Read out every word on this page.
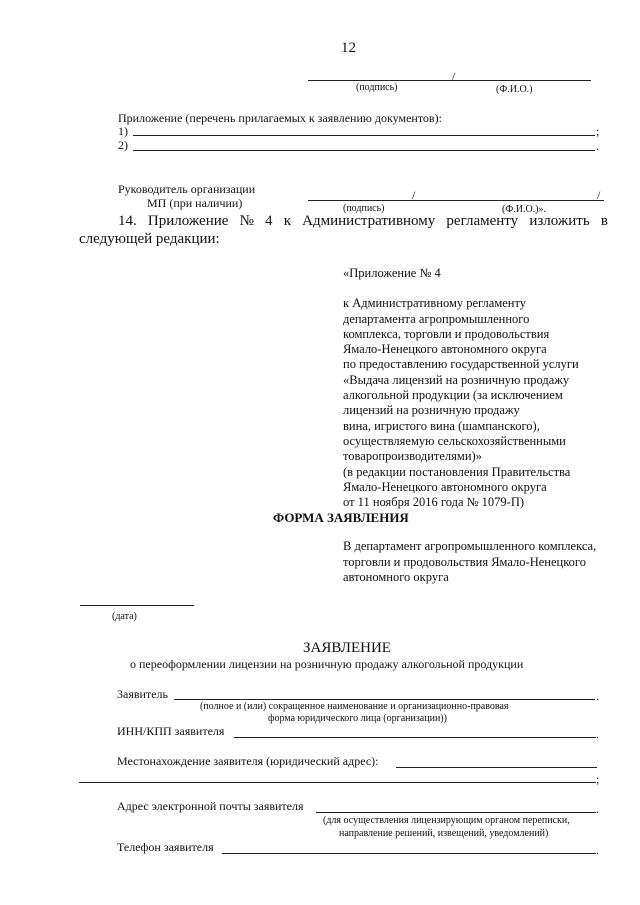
12
/
(подпись)	(Ф.И.О.)
Приложение (перечень прилагаемых к заявлению документов):
1)	;
2)	.
Руководитель организации
МП (при наличии)
/	/
(подпись)	(Ф.И.О.)».
14. Приложение № 4 к Административному регламенту изложить в
следующей редакции:
«Приложение № 4
к Административному регламенту
департамента агропромышленного
комплекса, торговли и продовольствия
Ямало-Ненецкого автономного округа
по предоставлению государственной услуги
«Выдача лицензий на розничную продажу
алкогольной продукции (за исключением
лицензий на розничную продажу
вина, игристого вина (шампанского),
осуществляемую сельскохозяйственными
товаропроизводителями)»
(в редакции постановления Правительства
Ямало-Ненецкого автономного округа
от 11 ноября 2016 года № 1079-П)
ФОРМА ЗАЯВЛЕНИЯ
В департамент агропромышленного комплекса,
торговли и продовольствия Ямало-Ненецкого
автономного округа
(дата)
ЗАЯВЛЕНИЕ
о переоформлении лицензии на розничную продажу алкогольной продукции
Заявитель	.
(полное и (или) сокращенное наименование и организационно-правовая
форма юридического лица (организации))
ИНН/КПП заявителя	.
Местонахождение заявителя (юридический адрес):
;
Адрес электронной почты заявителя	.
(для осуществления лицензирующим органом переписки,
направление решений, извещений, уведомлений)
Телефон заявителя	.
